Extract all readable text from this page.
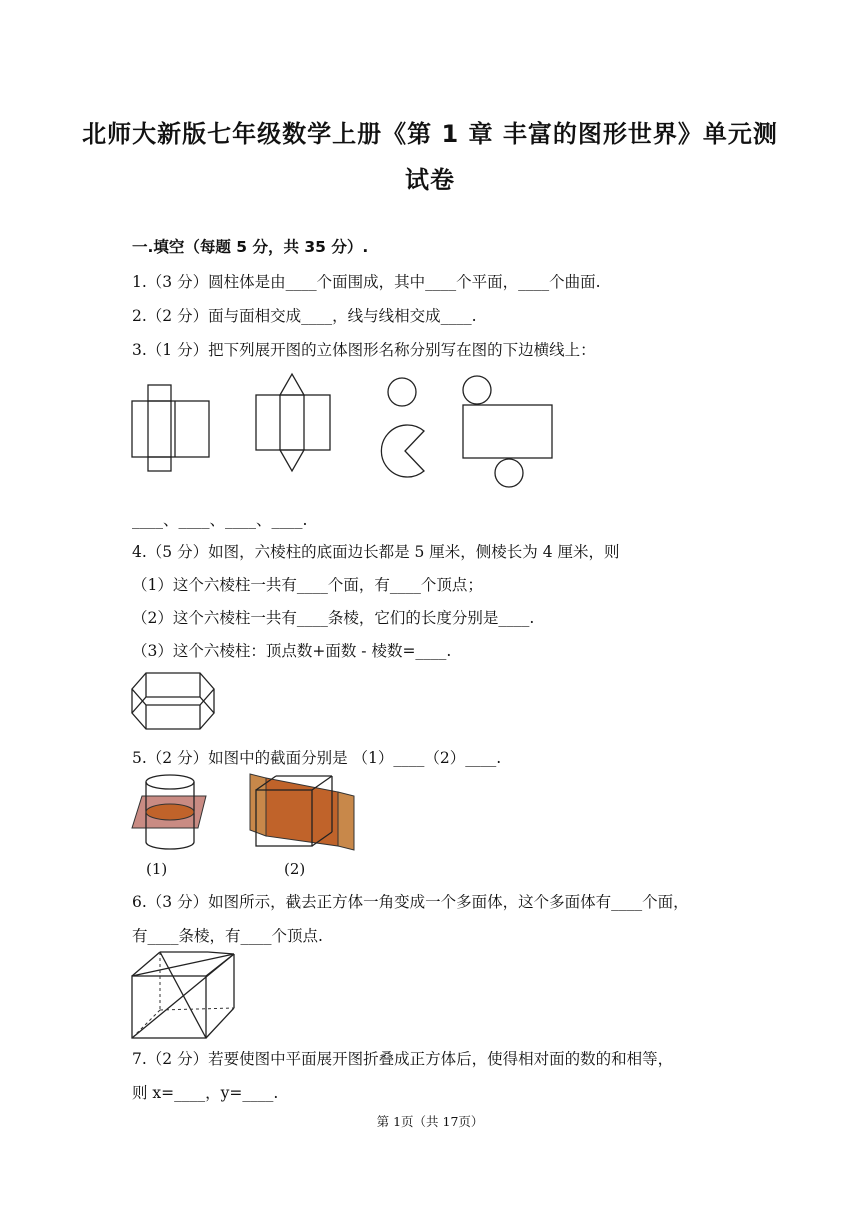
北师大新版七年级数学上册《第 1 章 丰富的图形世界》单元测
试卷
一.填空（每题 5 分，共 35 分）.
1.（3 分）圆柱体是由____个面围成，其中____个平面，____个曲面.
2.（2 分）面与面相交成____，线与线相交成____.
3.（1 分）把下列展开图的立体图形名称分别写在图的下边横线上：
____、____、____、____.
4.（5 分）如图，六棱柱的底面边长都是 5 厘米，侧棱长为 4 厘米，则
（1）这个六棱柱一共有____个面，有____个顶点；
（2）这个六棱柱一共有____条棱，它们的长度分别是____.
（3）这个六棱柱：顶点数+面数 - 棱数=____.
5.（2 分）如图中的截面分别是 （1）____（2）____.
(1)	(2)
6.（3 分）如图所示，截去正方体一角变成一个多面体，这个多面体有____个面，
有____条棱，有____个顶点.
7.（2 分）若要使图中平面展开图折叠成正方体后，使得相对面的数的和相等，
则 x=____，y=____.
第 1页（共 17页）
